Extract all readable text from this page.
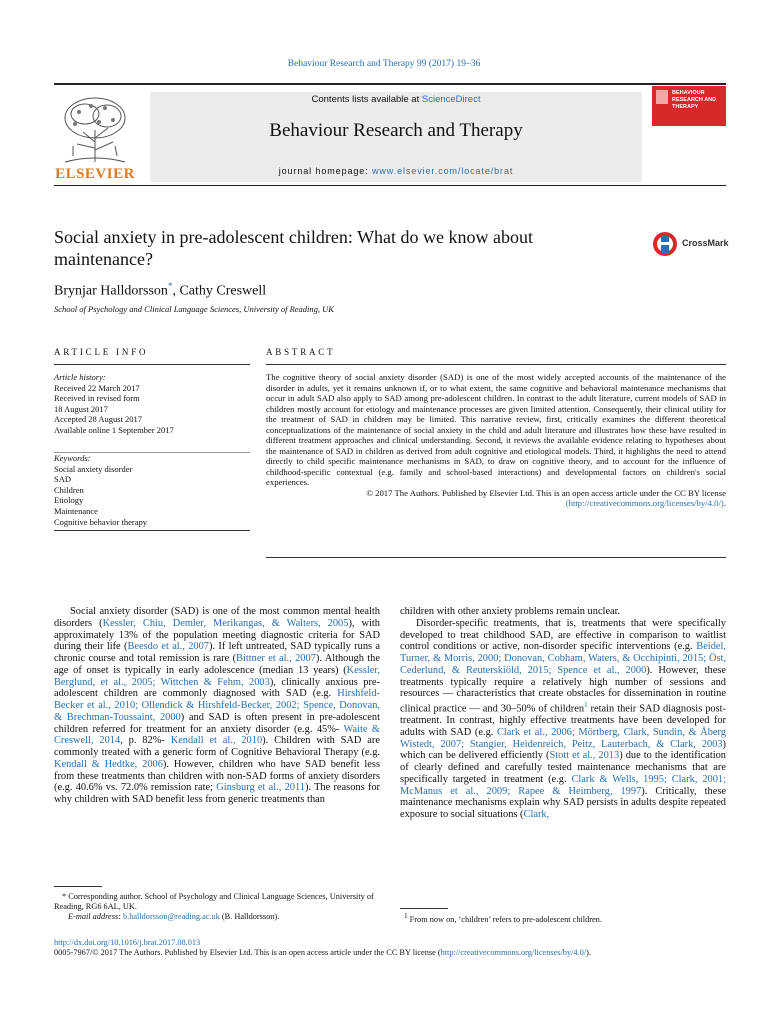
Behaviour Research and Therapy 99 (2017) 19–36
ELSEVIER
Contents lists available at ScienceDirect
Behaviour Research and Therapy
journal homepage: www.elsevier.com/locate/brat
BEHAVIOUR
RESEARCH AND
THERAPY
Social anxiety in pre-adolescent children: What do we know about maintenance?
CrossMark
Brynjar Halldorsson*, Cathy Creswell
School of Psychology and Clinical Language Sciences, University of Reading, UK
ARTICLE INFO	ABSTRACT
Article history:
Received 22 March 2017
Received in revised form
18 August 2017
Accepted 28 August 2017
Available online 1 September 2017
Keywords:
Social anxiety disorder
SAD
Children
Etiology
Maintenance
Cognitive behavior therapy

The cognitive theory of social anxiety disorder (SAD) is one of the most widely accepted accounts of the maintenance of the disorder in adults, yet it remains unknown if, or to what extent, the same cognitive and behavioral maintenance mechanisms that occur in adult SAD also apply to SAD among pre-adolescent children. In contrast to the adult literature, current models of SAD in children mostly account for etiology and maintenance processes are given limited attention. Consequently, their clinical utility for the treatment of SAD in children may be limited. This narrative review, first, critically examines the different theoretical conceptualizations of the maintenance of social anxiety in the child and adult literature and illustrates how these have resulted in different treatment approaches and clinical understanding. Second, it reviews the available evidence relating to hypotheses about the maintenance of SAD in children as derived from adult cognitive and etiological models. Third, it highlights the need to attend directly to child specific maintenance mechanisms in SAD, to draw on cognitive theory, and to account for the influence of childhood-specific contextual (e.g. family and school-based interactions) and developmental factors on children's social experiences.

© 2017 The Authors. Published by Elsevier Ltd. This is an open access article under the CC BY license (http://creativecommons.org/licenses/by/4.0/).

Social anxiety disorder (SAD) is one of the most common mental health disorders (Kessler, Chiu, Demler, Merikangas, & Walters, 2005), with approximately 13% of the population meeting diagnostic criteria for SAD during their life (Beesdo et al., 2007). If left untreated, SAD typically runs a chronic course and total remission is rare (Bittner et al., 2007). Although the age of onset is typically in early adolescence (median 13 years) (Kessler, Berglund, et al., 2005; Wittchen & Fehm, 2003), clinically anxious pre-adolescent children are commonly diagnosed with SAD (e.g. Hirshfeld-Becker et al., 2010; Ollendick & Hirshfeld-Becker, 2002; Spence, Donovan, & Brechman-Toussaint, 2000) and SAD is often present in pre-adolescent children referred for treatment for an anxiety disorder (e.g. 45%- Waite & Creswell, 2014, p. 82%- Kendall et al., 2010). Children with SAD are commonly treated with a generic form of Cognitive Behavioral Therapy (e.g. Kendall & Hedtke, 2006). However, children who have SAD benefit less from these treatments than children with non-SAD forms of anxiety disorders (e.g. 40.6% vs. 72.0% remission rate; Ginsburg et al., 2011). The reasons for why children with SAD benefit less from generic treatments than

children with other anxiety problems remain unclear.

Disorder-specific treatments, that is, treatments that were specifically developed to treat childhood SAD, are effective in comparison to waitlist control conditions or active, non-disorder specific interventions (e.g. Beidel, Turner, & Morris, 2000; Donovan, Cobham, Waters, & Occhipinti, 2015; Öst, Cederlund, & Reuterskiöld, 2015; Spence et al., 2000). However, these treatments typically require a relatively high number of sessions and resources — characteristics that create obstacles for dissemination in routine clinical practice — and 30–50% of children$^1$ retain their SAD diagnosis post-treatment. In contrast, highly effective treatments have been developed for adults with SAD (e.g. Clark et al., 2006; Mörtberg, Clark, Sundin, & Åberg Wistedt, 2007; Stangier, Heidenreich, Peitz, Lauterbach, & Clark, 2003) which can be delivered efficiently (Stott et al., 2013) due to the identification of clearly defined and carefully tested maintenance mechanisms that are specifically targeted in treatment (e.g. Clark & Wells, 1995; Clark, 2001; McManus et al., 2009; Rapee & Heimberg, 1997). Critically, these maintenance mechanisms explain why SAD persists in adults despite repeated exposure to social situations (Clark,

* Corresponding author. School of Psychology and Clinical Language Sciences, University of Reading, RG6 6AL, UK.

E-mail address: b.halldorsson@reading.ac.uk (B. Halldorsson).	$^1$ From now on, ‘children’ refers to pre-adolescent children.
http://dx.doi.org/10.1016/j.brat.2017.08.013
0005-7967/© 2017 The Authors. Published by Elsevier Ltd. This is an open access article under the CC BY license (http://creativecommons.org/licenses/by/4.0/).
